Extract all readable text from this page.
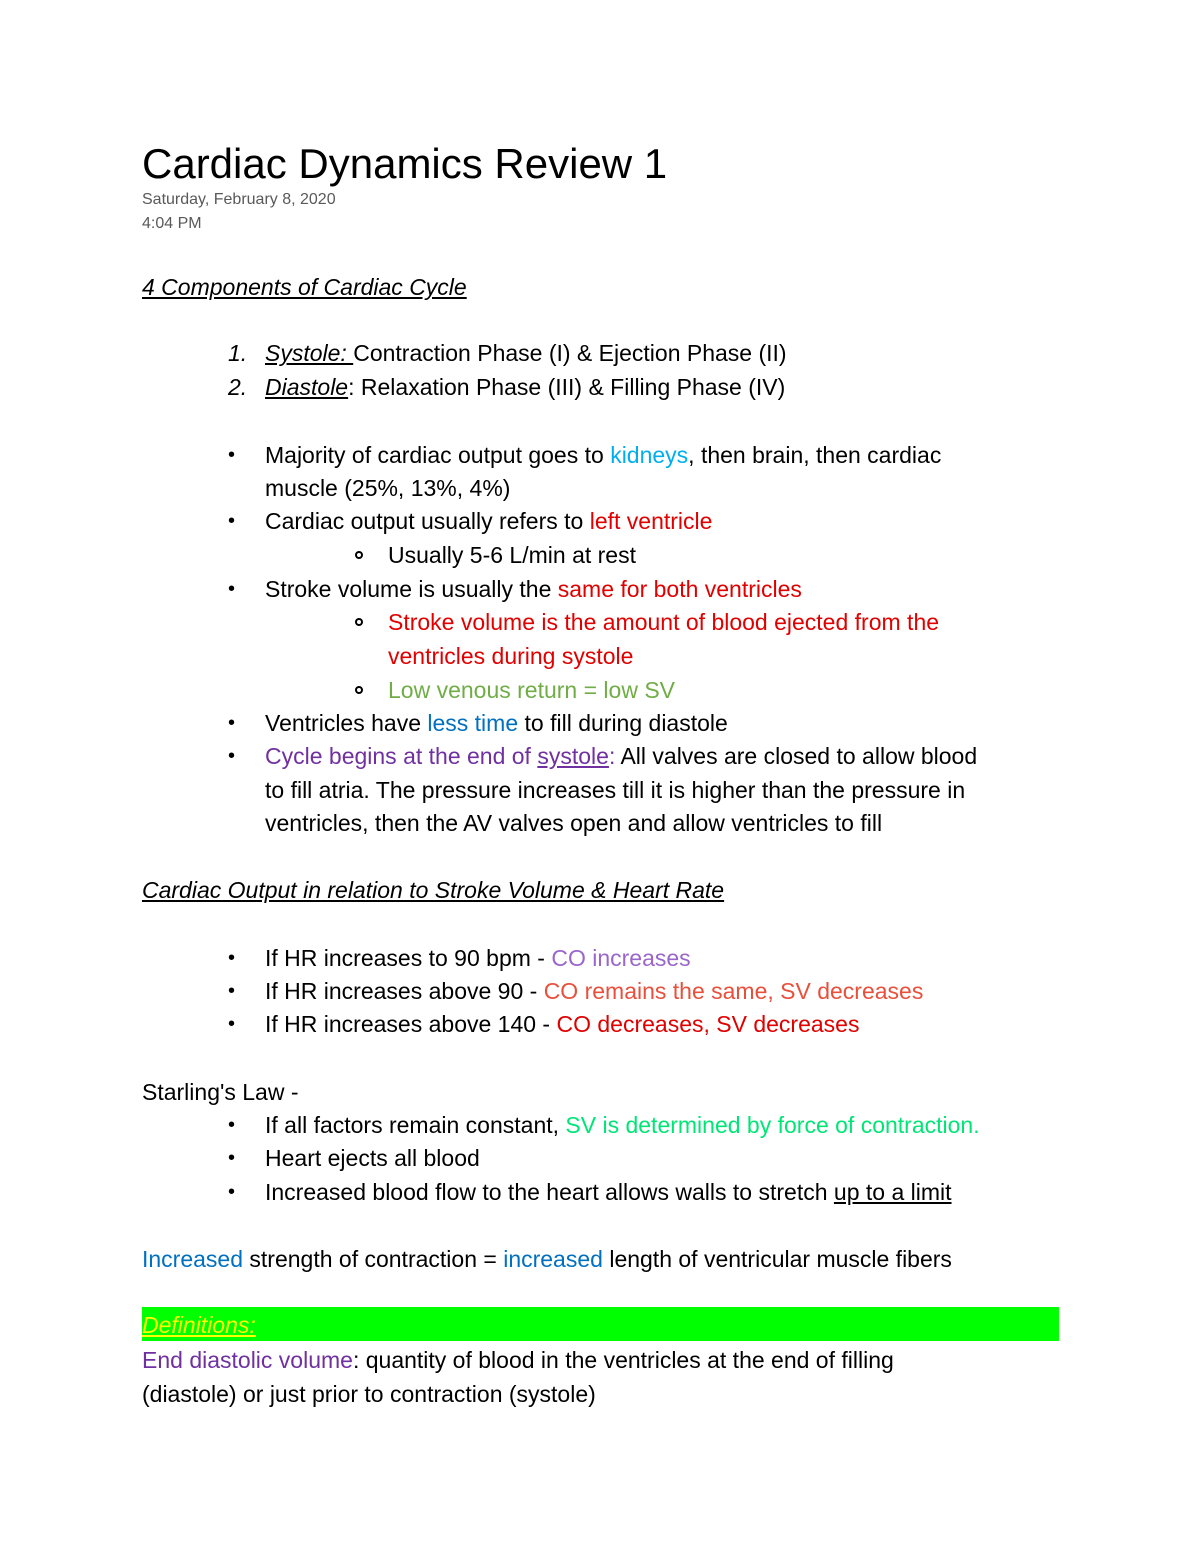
Cardiac Dynamics Review 1
Saturday, February 8, 2020
4:04 PM
4 Components of Cardiac Cycle
1. Systole: Contraction Phase (I) & Ejection Phase (II)
2. Diastole: Relaxation Phase (III) & Filling Phase (IV)
• Majority of cardiac output goes to kidneys, then brain, then cardiac
muscle (25%, 13%, 4%)
• Cardiac output usually refers to left ventricle
Usually 5-6 L/min at rest
• Stroke volume is usually the same for both ventricles
Stroke volume is the amount of blood ejected from the
ventricles during systole
Low venous return = low SV
• Ventricles have less time to fill during diastole
• Cycle begins at the end of systole: All valves are closed to allow blood
to fill atria. The pressure increases till it is higher than the pressure in
ventricles, then the AV valves open and allow ventricles to fill
Cardiac Output in relation to Stroke Volume & Heart Rate
• If HR increases to 90 bpm - CO increases
• If HR increases above 90 - CO remains the same, SV decreases
• If HR increases above 140 - CO decreases, SV decreases
Starling's Law -
• If all factors remain constant, SV is determined by force of contraction.
• Heart ejects all blood
• Increased blood flow to the heart allows walls to stretch up to a limit
Increased strength of contraction = increased length of ventricular muscle fibers
Definitions:
End diastolic volume: quantity of blood in the ventricles at the end of filling
(diastole) or just prior to contraction (systole)
